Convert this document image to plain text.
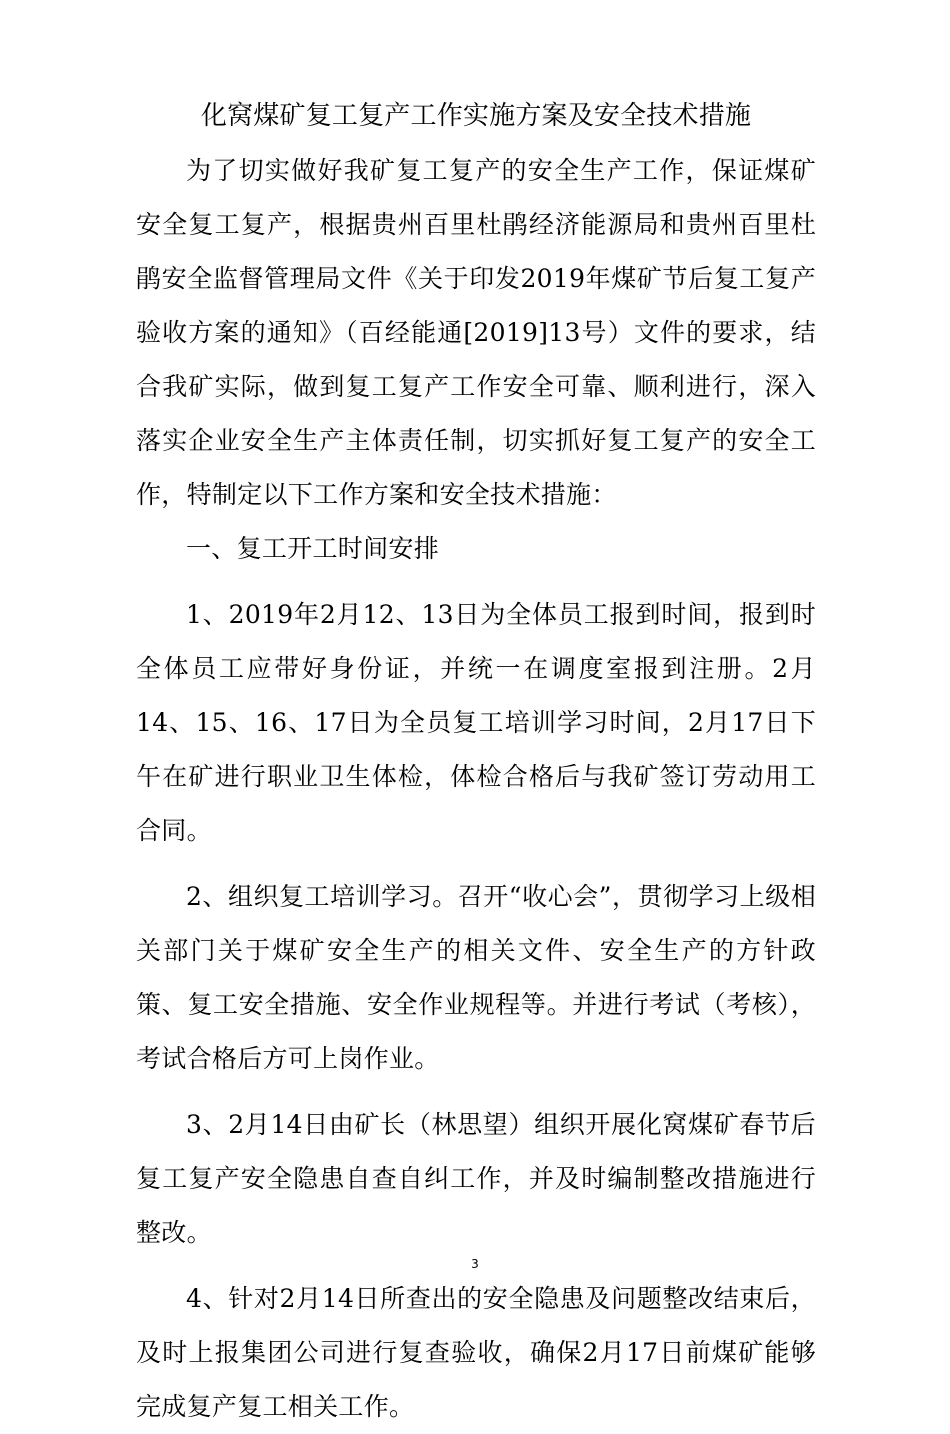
化窝煤矿复工复产工作实施方案及安全技术措施

为了切实做好我矿复工复产的安全生产工作，保证煤矿安全复工复产，根据贵州百里杜鹃经济能源局和贵州百里杜鹃安全监督管理局文件《关于印发2019年煤矿节后复工复产验收方案的通知》（百经能通[2019]13号）文件的要求，结合我矿实际，做到复工复产工作安全可靠、顺利进行，深入落实企业安全生产主体责任制，切实抓好复工复产的安全工作，特制定以下工作方案和安全技术措施：

一、复工开工时间安排

1、2019年2月12、13日为全体员工报到时间，报到时全体员工应带好身份证，并统一在调度室报到注册。2月14、15、16、17日为全员复工培训学习时间，2月17日下午在矿进行职业卫生体检，体检合格后与我矿签订劳动用工合同。

2、组织复工培训学习。召开“收心会”，贯彻学习上级相关部门关于煤矿安全生产的相关文件、安全生产的方针政策、复工安全措施、安全作业规程等。并进行考试（考核），考试合格后方可上岗作业。

3、2月14日由矿长（林思望）组织开展化窝煤矿春节后复工复产安全隐患自查自纠工作，并及时编制整改措施进行整改。

4、针对2月14日所查出的安全隐患及问题整改结束后，及时上报集团公司进行复查验收，确保2月17日前煤矿能够完成复产复工相关工作。

3
